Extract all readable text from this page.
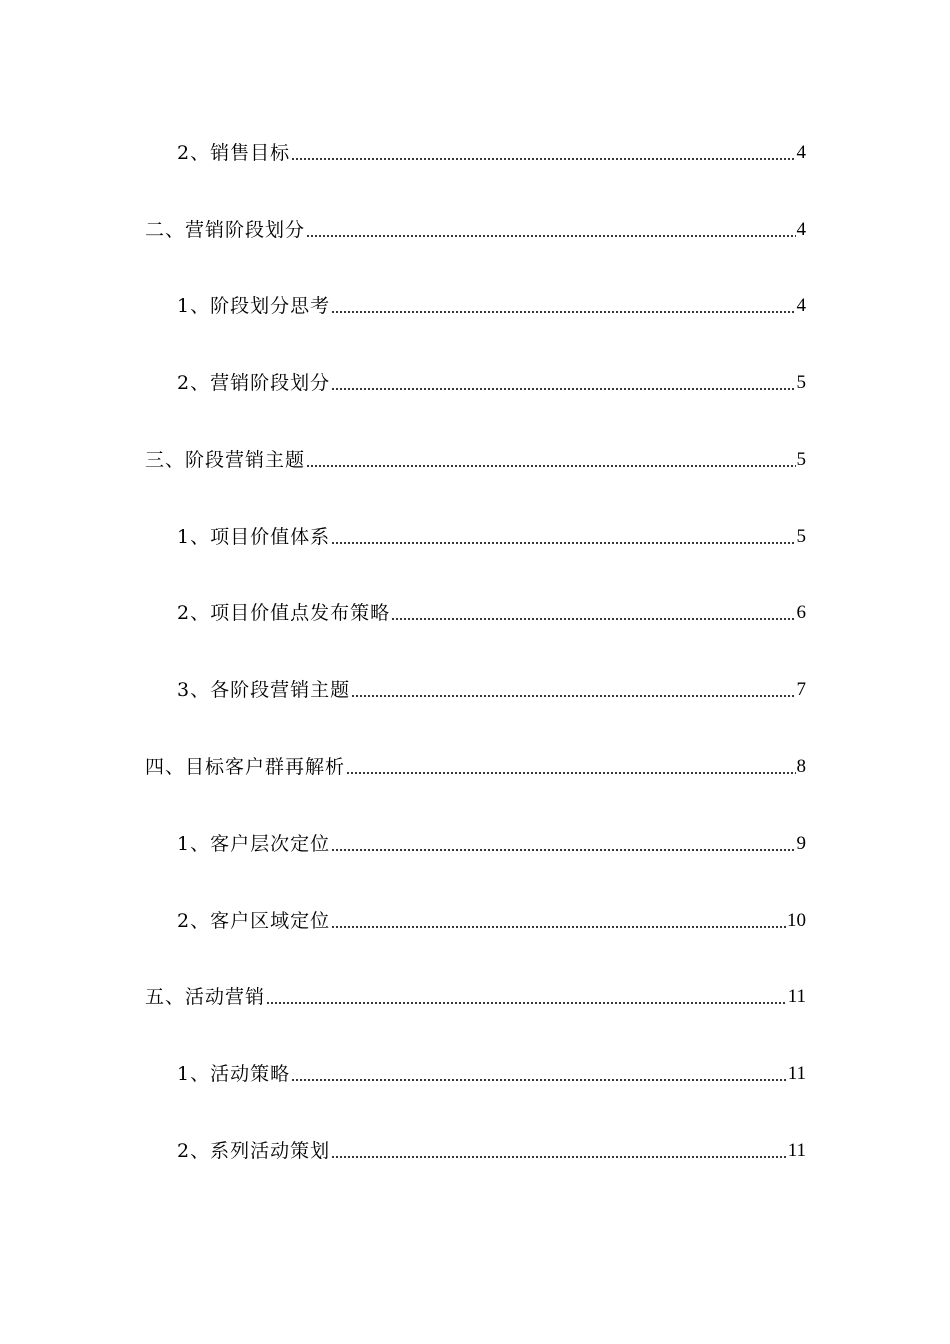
2、销售目标	4
二、营销阶段划分	4
1、阶段划分思考	4
2、营销阶段划分	5
三、阶段营销主题	5
1、项目价值体系	5
2、项目价值点发布策略	6
3、各阶段营销主题	7
四、目标客户群再解析	8
1、客户层次定位	9
2、客户区域定位	10
五、活动营销	11
1、活动策略	11
2、系列活动策划	11
